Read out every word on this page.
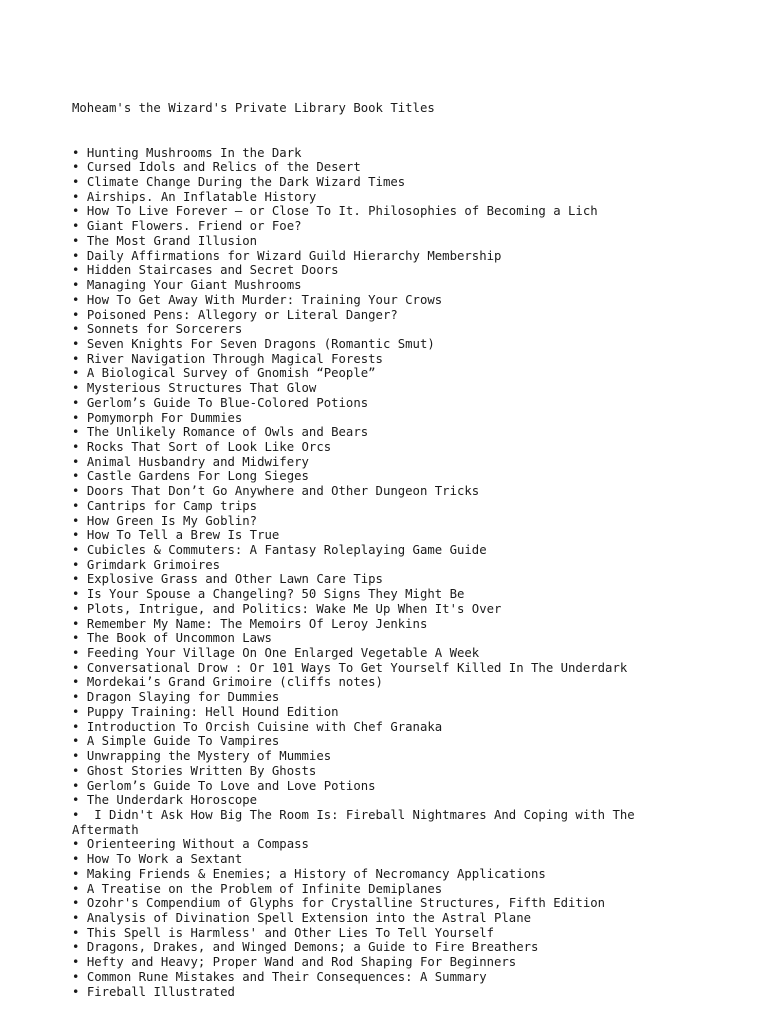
Moheam's the Wizard's Private Library Book Titles

• Hunting Mushrooms In the Dark
• Cursed Idols and Relics of the Desert
• Climate Change During the Dark Wizard Times
• Airships. An Inflatable History
• How To Live Forever — or Close To It. Philosophies of Becoming a Lich
• Giant Flowers. Friend or Foe?
• The Most Grand Illusion
• Daily Affirmations for Wizard Guild Hierarchy Membership
• Hidden Staircases and Secret Doors
• Managing Your Giant Mushrooms
• How To Get Away With Murder: Training Your Crows
• Poisoned Pens: Allegory or Literal Danger?
• Sonnets for Sorcerers
• Seven Knights For Seven Dragons (Romantic Smut)
• River Navigation Through Magical Forests
• A Biological Survey of Gnomish “People”
• Mysterious Structures That Glow
• Gerlom’s Guide To Blue-Colored Potions
• Pomymorph For Dummies
• The Unlikely Romance of Owls and Bears
• Rocks That Sort of Look Like Orcs
• Animal Husbandry and Midwifery
• Castle Gardens For Long Sieges
• Doors That Don’t Go Anywhere and Other Dungeon Tricks
• Cantrips for Camp trips
• How Green Is My Goblin?
• How To Tell a Brew Is True
• Cubicles & Commuters: A Fantasy Roleplaying Game Guide
• Grimdark Grimoires
• Explosive Grass and Other Lawn Care Tips
• Is Your Spouse a Changeling? 50 Signs They Might Be
• Plots, Intrigue, and Politics: Wake Me Up When It's Over
• Remember My Name: The Memoirs Of Leroy Jenkins
• The Book of Uncommon Laws
• Feeding Your Village On One Enlarged Vegetable A Week
• Conversational Drow : Or 101 Ways To Get Yourself Killed In The Underdark
• Mordekai’s Grand Grimoire (cliffs notes)
• Dragon Slaying for Dummies
• Puppy Training: Hell Hound Edition
• Introduction To Orcish Cuisine with Chef Granaka
• A Simple Guide To Vampires
• Unwrapping the Mystery of Mummies
• Ghost Stories Written By Ghosts
• Gerlom’s Guide To Love and Love Potions
• The Underdark Horoscope
•  I Didn't Ask How Big The Room Is: Fireball Nightmares And Coping with The Aftermath
• Orienteering Without a Compass
• How To Work a Sextant
• Making Friends & Enemies; a History of Necromancy Applications
• A Treatise on the Problem of Infinite Demiplanes
• Ozohr's Compendium of Glyphs for Crystalline Structures, Fifth Edition
• Analysis of Divination Spell Extension into the Astral Plane
• This Spell is Harmless' and Other Lies To Tell Yourself
• Dragons, Drakes, and Winged Demons; a Guide to Fire Breathers
• Hefty and Heavy; Proper Wand and Rod Shaping For Beginners
• Common Rune Mistakes and Their Consequences: A Summary
• Fireball Illustrated
